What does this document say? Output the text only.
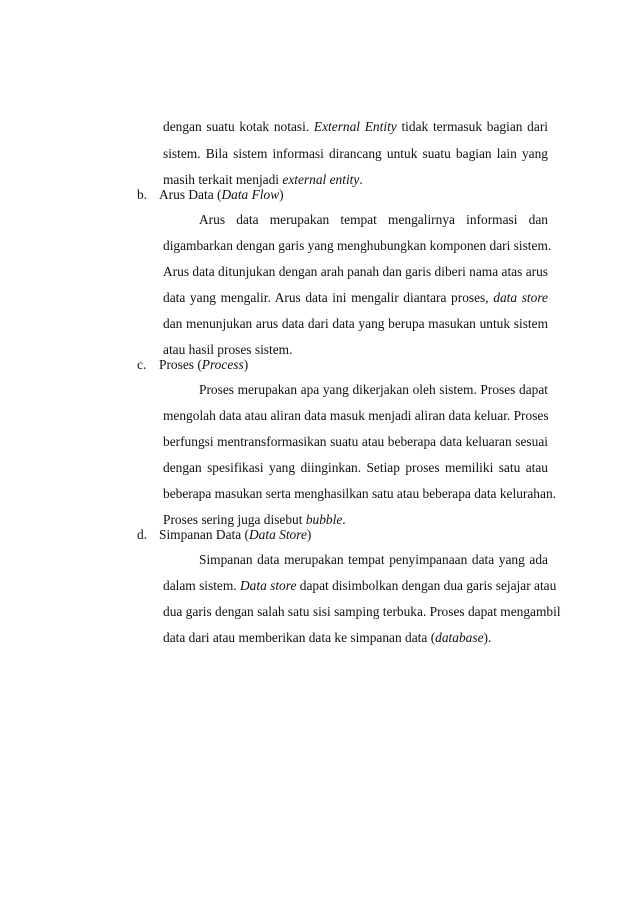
dengan suatu kotak notasi. External Entity tidak termasuk bagian dari
sistem. Bila sistem informasi dirancang untuk suatu bagian lain yang
masih terkait menjadi external entity.
b. Arus Data (Data Flow)
Arus data merupakan tempat mengalirnya informasi dan
digambarkan dengan garis yang menghubungkan komponen dari sistem.
Arus data ditunjukan dengan arah panah dan garis diberi nama atas arus
data yang mengalir. Arus data ini mengalir diantara proses, data store
dan menunjukan arus data dari data yang berupa masukan untuk sistem
atau hasil proses sistem.
c. Proses (Process)
Proses merupakan apa yang dikerjakan oleh sistem. Proses dapat
mengolah data atau aliran data masuk menjadi aliran data keluar. Proses
berfungsi mentransformasikan suatu atau beberapa data keluaran sesuai
dengan spesifikasi yang diinginkan. Setiap proses memiliki satu atau
beberapa masukan serta menghasilkan satu atau beberapa data kelurahan.
Proses sering juga disebut bubble.
d. Simpanan Data (Data Store)
Simpanan data merupakan tempat penyimpanaan data yang ada
dalam sistem. Data store dapat disimbolkan dengan dua garis sejajar atau
dua garis dengan salah satu sisi samping terbuka. Proses dapat mengambil
data dari atau memberikan data ke simpanan data (database).
